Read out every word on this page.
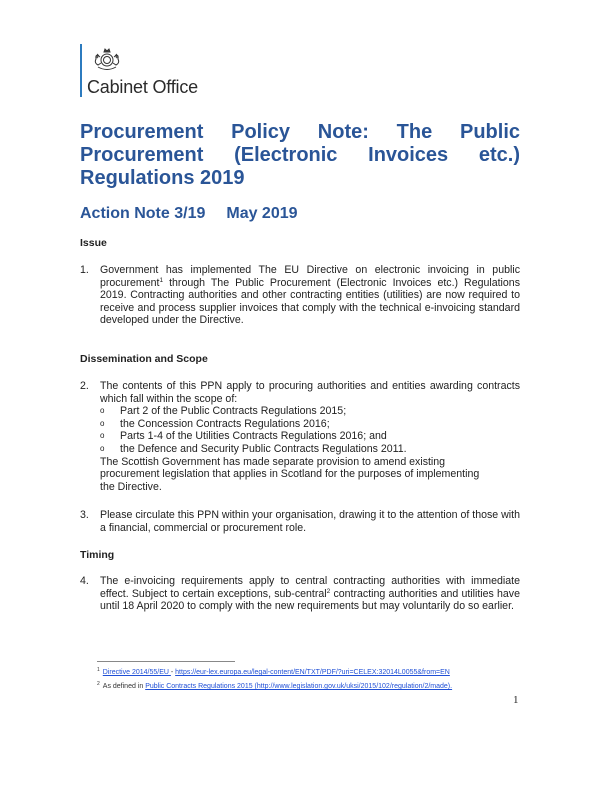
Cabinet Office
Procurement Policy Note: The Public
Procurement (Electronic Invoices etc.)
Regulations 2019
Action Note 3/19 May 2019
Issue
1. Government has implemented The EU Directive on electronic invoicing in public procurement$^1$ through The Public Procurement (Electronic Invoices etc.) Regulations 2019. Contracting authorities and other contracting entities (utilities) are now required to receive and process supplier invoices that comply with the technical e-invoicing standard developed under the Directive.
Dissemination and Scope
2. The contents of this PPN apply to procuring authorities and entities awarding contracts which fall within the scope of:
o Part 2 of the Public Contracts Regulations 2015;
o the Concession Contracts Regulations 2016;
o Parts 1-4 of the Utilities Contracts Regulations 2016; and
o the Defence and Security Public Contracts Regulations 2011.
The Scottish Government has made separate provision to amend existing procurement legislation that applies in Scotland for the purposes of implementing the Directive.
3. Please circulate this PPN within your organisation, drawing it to the attention of those with a financial, commercial or procurement role.
Timing
4. The e-invoicing requirements apply to central contracting authorities with immediate effect. Subject to certain exceptions, sub-central$^2$ contracting authorities and utilities have until 18 April 2020 to comply with the new requirements but may voluntarily do so earlier.
$^1$ Directive 2014/55/EU - https://eur-lex.europa.eu/legal-content/EN/TXT/PDF/?uri=CELEX:32014L0055&from=EN
$^2$ As defined in Public Contracts Regulations 2015 (http://www.legislation.gov.uk/uksi/2015/102/regulation/2/made).
1
